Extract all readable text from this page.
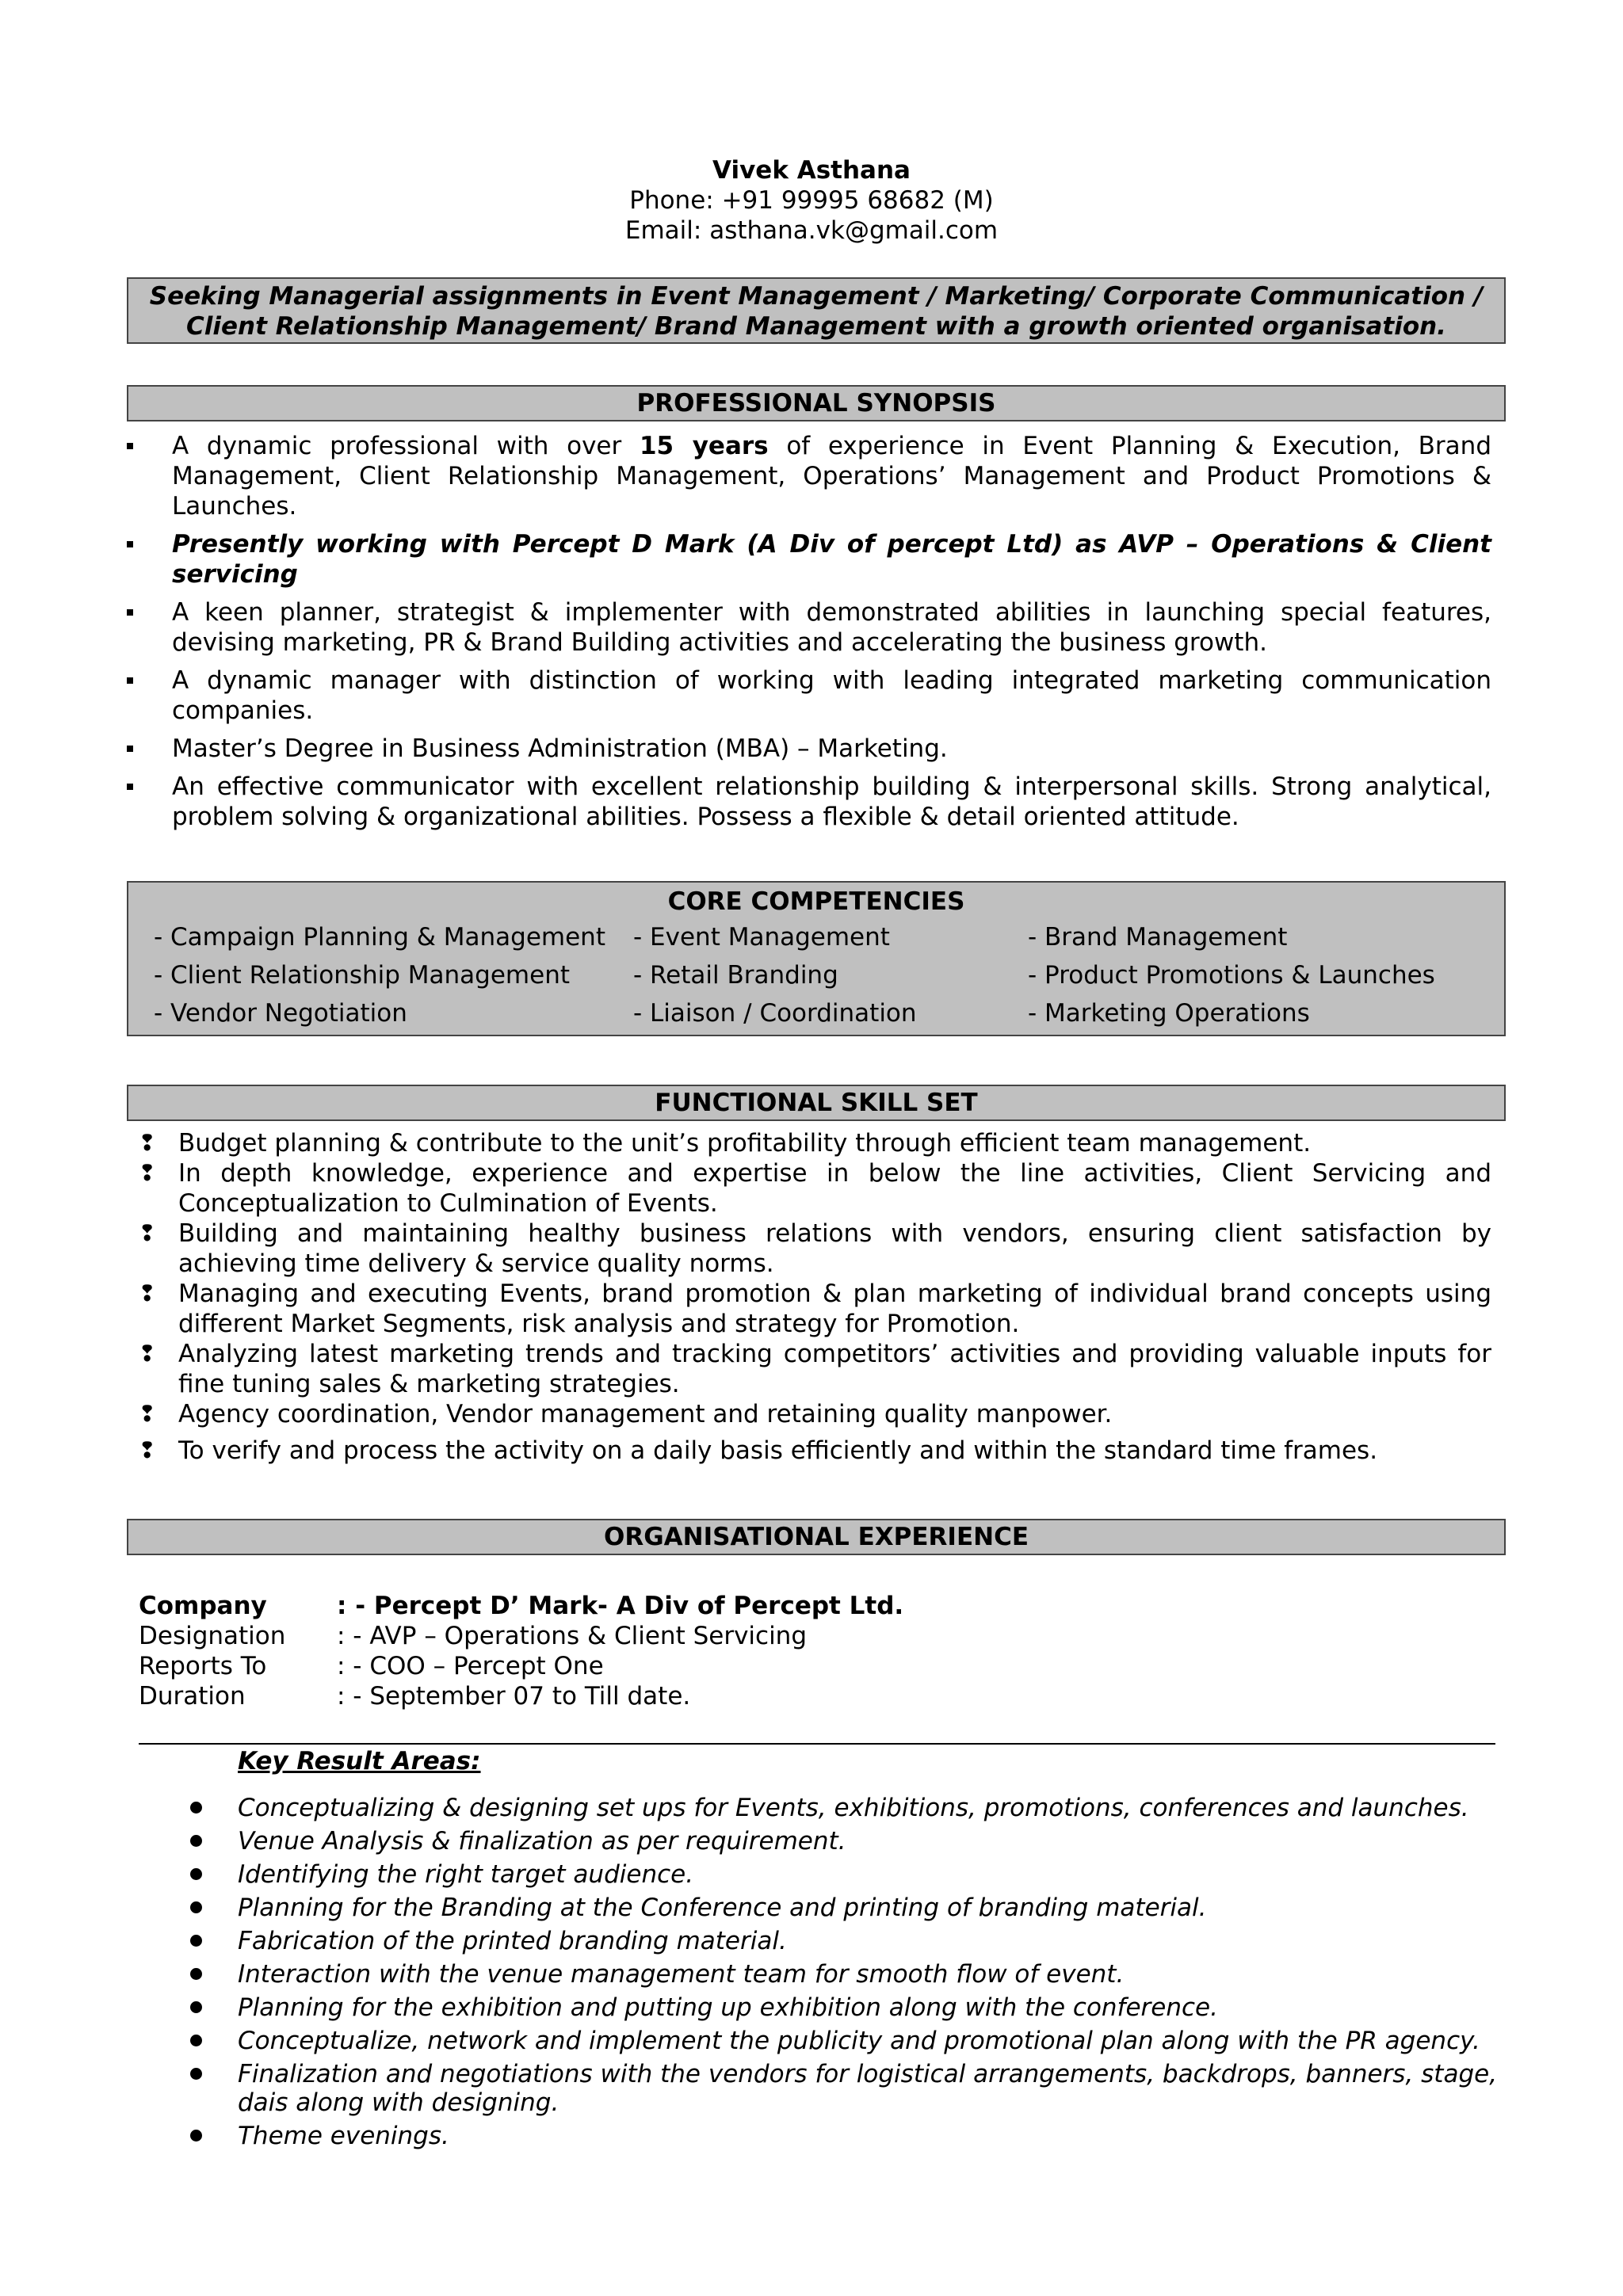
Vivek Asthana
Phone: +91 99995 68682 (M)
Email: asthana.vk@gmail.com
Seeking Managerial assignments in Event Management / Marketing/ Corporate Communication /
Client Relationship Management/ Brand Management with a growth oriented organisation.
PROFESSIONAL SYNOPSIS
A dynamic professional with over 15 years of experience in Event Planning & Execution, Brand Management, Client Relationship Management, Operations’ Management and Product Promotions & Launches.
Presently working with Percept D Mark (A Div of percept Ltd) as AVP – Operations & Client servicing
A keen planner, strategist & implementer with demonstrated abilities in launching special features, devising marketing, PR & Brand Building activities and accelerating the business growth.
A dynamic manager with distinction of working with leading integrated marketing communication companies.
Master’s Degree in Business Administration (MBA) – Marketing.
An effective communicator with excellent relationship building & interpersonal skills. Strong analytical, problem solving & organizational abilities. Possess a flexible & detail oriented attitude.
CORE COMPETENCIES
- Campaign Planning & Management	- Event Management	- Brand Management
- Client Relationship Management	- Retail Branding	- Product Promotions & Launches
- Vendor Negotiation	- Liaison / Coordination	- Marketing Operations
FUNCTIONAL SKILL SET
❢ Budget planning & contribute to the unit’s profitability through efficient team management.
❢ In depth knowledge, experience and expertise in below the line activities, Client Servicing and Conceptualization to Culmination of Events.
❢ Building and maintaining healthy business relations with vendors, ensuring client satisfaction by achieving time delivery & service quality norms.
❢ Managing and executing Events, brand promotion & plan marketing of individual brand concepts using different Market Segments, risk analysis and strategy for Promotion.
❢ Analyzing latest marketing trends and tracking competitors’ activities and providing valuable inputs for fine tuning sales & marketing strategies.
❢ Agency coordination, Vendor management and retaining quality manpower.
❢ To verify and process the activity on a daily basis efficiently and within the standard time frames.
ORGANISATIONAL EXPERIENCE
Company	: - Percept D’ Mark- A Div of Percept Ltd.
Designation : - AVP – Operations & Client Servicing
Reports To	: - COO – Percept One
Duration	: - September 07 to Till date.
Key Result Areas:
Conceptualizing & designing set ups for Events, exhibitions, promotions, conferences and launches.
Venue Analysis & finalization as per requirement.
Identifying the right target audience.
Planning for the Branding at the Conference and printing of branding material.
Fabrication of the printed branding material.
Interaction with the venue management team for smooth flow of event.
Planning for the exhibition and putting up exhibition along with the conference.
Conceptualize, network and implement the publicity and promotional plan along with the PR agency.
Finalization and negotiations with the vendors for logistical arrangements, backdrops, banners, stage, dais along with designing.
Theme evenings.
